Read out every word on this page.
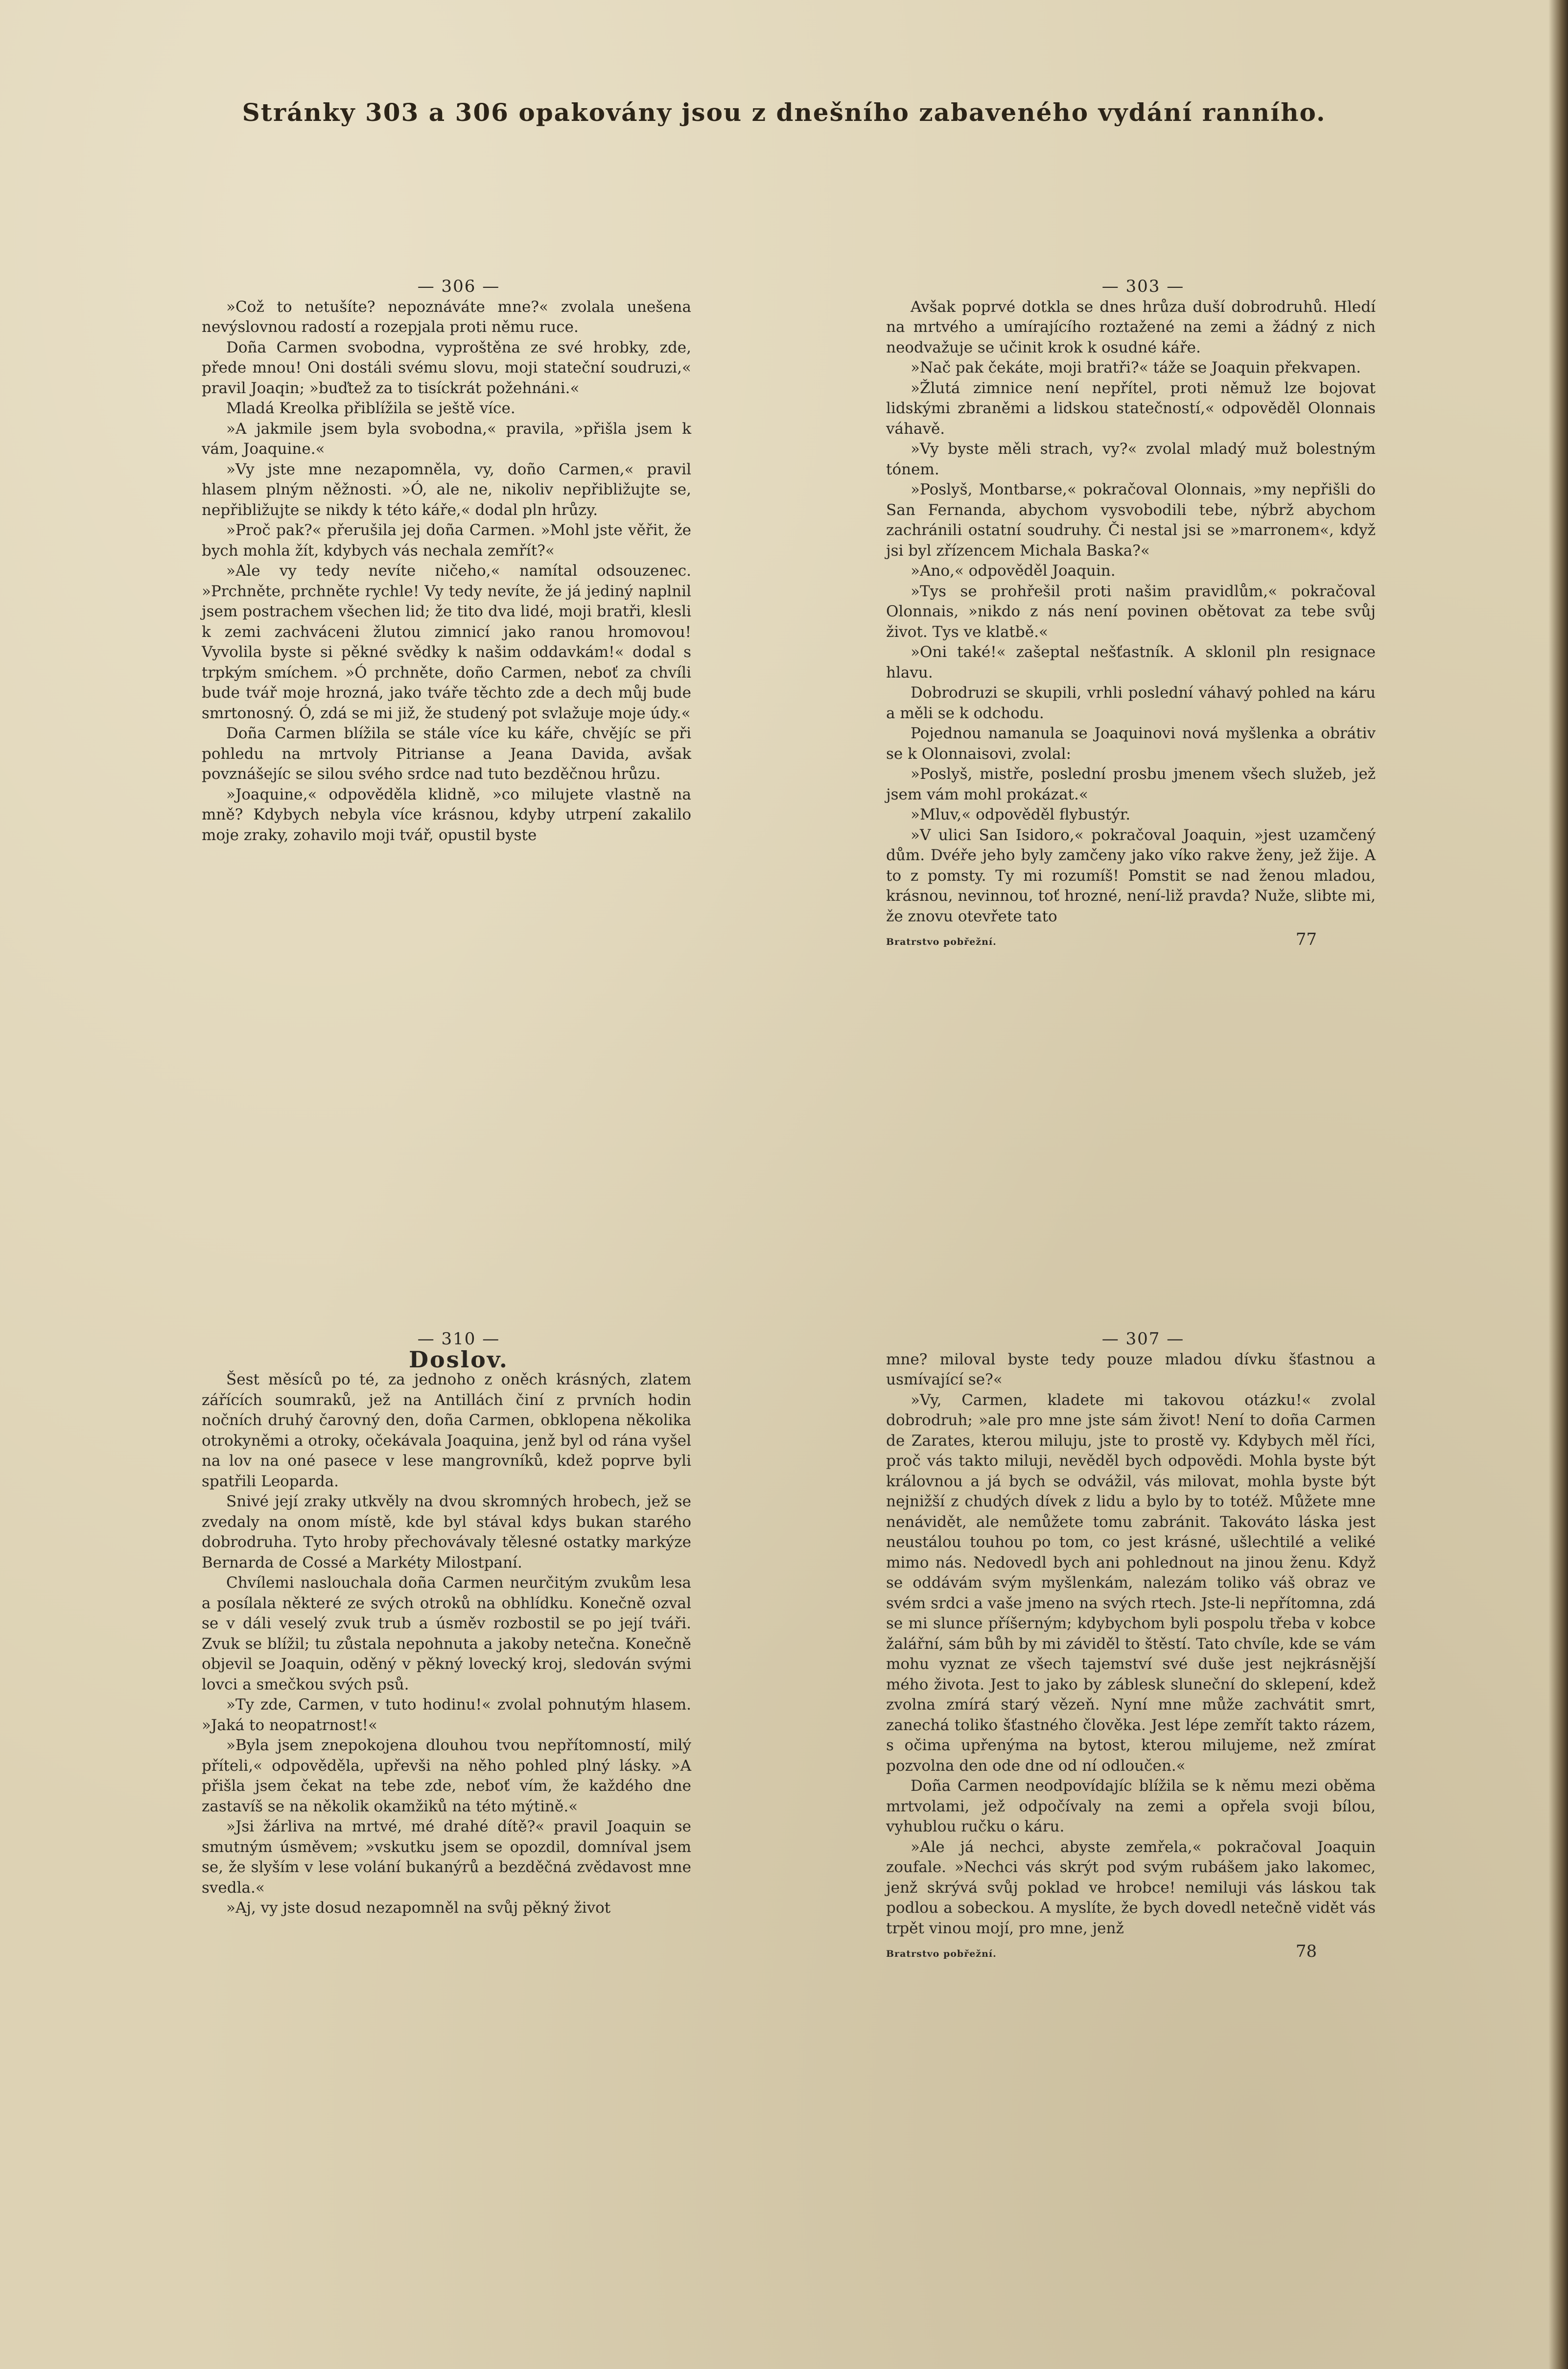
Stránky 303 a 306 opakovány jsou z dnešního zabaveného vydání ranního.

— 306 —

»Což to netušíte? nepoznáváte mne?« zvolala unešena nevýslovnou radostí a rozepjala proti němu ruce.

Doña Carmen svobodna, vyproštěna ze své hrobky, zde, přede mnou! Oni dostáli svému slovu, moji stateční soudruzi,« pravil Joaqin; »buďtež za to tisíckrát požehnáni.«

Mladá Kreolka přiblížila se ještě více.

»A jakmile jsem byla svobodna,« pravila, »přišla jsem k vám, Joaquine.«

»Vy jste mne nezapomněla, vy, doño Carmen,« pravil hlasem plným něžnosti. »Ó, ale ne, nikoliv nepřibližujte se, nepřibližujte se nikdy k této káře,« dodal pln hrůzy.

»Proč pak?« přerušila jej doña Carmen. »Mohl jste věřit, že bych mohla žít, kdybych vás nechala zemřít?«

»Ale vy tedy nevíte ničeho,« namítal odsouzenec. »Prchněte, prchněte rychle! Vy tedy nevíte, že já jediný naplnil jsem postrachem všechen lid; že tito dva lidé, moji bratři, klesli k zemi zachváceni žlutou zimnicí jako ranou hromovou! Vyvolila byste si pěkné svědky k našim oddavkám!« dodal s trpkým smíchem. »Ó prchněte, doño Carmen, neboť za chvíli bude tvář moje hrozná, jako tváře těchto zde a dech můj bude smrtonosný. Ó, zdá se mi již, že studený pot svlažuje moje údy.«

Doña Carmen blížila se stále více ku káře, chvějíc se při pohledu na mrtvoly Pitrianse a Jeana Davida, avšak povznášejíc se silou svého srdce nad tuto bezděčnou hrůzu.

»Joaquine,« odpověděla klidně, »co milujete vlastně na mně? Kdybych nebyla více krásnou, kdyby utrpení zakalilo moje zraky, zohavilo moji tvář, opustil byste

— 303 —

Avšak poprvé dotkla se dnes hrůza duší dobrodruhů. Hledí na mrtvého a umírajícího roztažené na zemi a žádný z nich neodvažuje se učinit krok k osudné káře.

»Nač pak čekáte, moji bratři?« táže se Joaquin překvapen.

»Žlutá zimnice není nepřítel, proti němuž lze bojovat lidskými zbraněmi a lidskou statečností,« odpověděl Olonnais váhavě.

»Vy byste měli strach, vy?« zvolal mladý muž bolestným tónem.

»Poslyš, Montbarse,« pokračoval Olonnais, »my nepřišli do San Fernanda, abychom vysvobodili tebe, nýbrž abychom zachránili ostatní soudruhy. Či nestal jsi se »marronem«, když jsi byl zřízencem Michala Baska?«

»Ano,« odpověděl Joaquin.

»Tys se prohřešil proti našim pravidlům,« pokračoval Olonnais, »nikdo z nás není povinen obětovat za tebe svůj život. Tys ve klatbě.«

»Oni také!« zašeptal nešťastník. A sklonil pln resignace hlavu.

Dobrodruzi se skupili, vrhli poslední váhavý pohled na káru a měli se k odchodu.

Pojednou namanula se Joaquinovi nová myšlenka a obrátiv se k Olonnaisovi, zvolal:

»Poslyš, mistře, poslední prosbu jmenem všech služeb, jež jsem vám mohl prokázat.«

»Mluv,« odpověděl flybustýr.

»V ulici San Isidoro,« pokračoval Joaquin, »jest uzamčený dům. Dvéře jeho byly zamčeny jako víko rakve ženy, jež žije. A to z pomsty. Ty mi rozumíš! Pomstit se nad ženou mladou, krásnou, nevinnou, toť hrozné, není-liž pravda? Nuže, slibte mi, že znovu otevřete tato

Bratrstvo pobřežní.	77

— 310 —

Doslov.

Šest měsíců po té, za jednoho z oněch krásných, zlatem zářících soumraků, jež na Antillách činí z prvních hodin nočních druhý čarovný den, doña Carmen, obklopena několika otrokyněmi a otroky, očekávala Joaquina, jenž byl od rána vyšel na lov na oné pasece v lese mangrovníků, kdež poprve byli spatřili Leoparda.

Snivé její zraky utkvěly na dvou skromných hrobech, jež se zvedaly na onom místě, kde byl stával kdys bukan starého dobrodruha. Tyto hroby přechovávaly tělesné ostatky markýze Bernarda de Cossé a Markéty Milostpaní.

Chvílemi naslouchala doña Carmen neurčitým zvukům lesa a posílala některé ze svých otroků na obhlídku. Konečně ozval se v dáli veselý zvuk trub a úsměv rozbostil se po její tváři. Zvuk se blížil; tu zůstala nepohnuta a jakoby netečna. Konečně objevil se Joaquin, oděný v pěkný lovecký kroj, sledován svými lovci a smečkou svých psů.

»Ty zde, Carmen, v tuto hodinu!« zvolal pohnutým hlasem. »Jaká to neopatrnost!«

»Byla jsem znepokojena dlouhou tvou nepřítomností, milý příteli,« odpověděla, upřevši na něho pohled plný lásky. »A přišla jsem čekat na tebe zde, neboť vím, že každého dne zastavíš se na několik okamžiků na této mýtině.«

»Jsi žárliva na mrtvé, mé drahé dítě?« pravil Joaquin se smutným úsměvem; »vskutku jsem se opozdil, domníval jsem se, že slyším v lese volání bukanýrů a bezděčná zvědavost mne svedla.«

»Aj, vy jste dosud nezapomněl na svůj pěkný život

— 307 —

mne? miloval byste tedy pouze mladou dívku šťastnou a usmívající se?«

»Vy, Carmen, kladete mi takovou otázku!« zvolal dobrodruh; »ale pro mne jste sám život! Není to doña Carmen de Zarates, kterou miluju, jste to prostě vy. Kdybych měl říci, proč vás takto miluji, nevěděl bych odpovědi. Mohla byste být královnou a já bych se odvážil, vás milovat, mohla byste být nejnižší z chudých dívek z lidu a bylo by to totéž. Můžete mne nenávidět, ale nemůžete tomu zabránit. Takováto láska jest neustálou touhou po tom, co jest krásné, ušlechtilé a veliké mimo nás. Nedovedl bych ani pohlednout na jinou ženu. Když se oddávám svým myšlenkám, nalezám toliko váš obraz ve svém srdci a vaše jmeno na svých rtech. Jste-li nepřítomna, zdá se mi slunce příšerným; kdybychom byli pospolu třeba v kobce žalářní, sám bůh by mi záviděl to štěstí. Tato chvíle, kde se vám mohu vyznat ze všech tajemství své duše jest nejkrásnější mého života. Jest to jako by záblesk sluneční do sklepení, kdež zvolna zmírá starý vězeň. Nyní mne může zachvátit smrt, zanechá toliko šťastného člověka. Jest lépe zemřít takto rázem, s očima upřenýma na bytost, kterou milujeme, než zmírat pozvolna den ode dne od ní odloučen.«

Doña Carmen neodpovídajíc blížila se k němu mezi oběma mrtvolami, jež odpočívaly na zemi a opřela svoji bílou, vyhublou ručku o káru.

»Ale já nechci, abyste zemřela,« pokračoval Joaquin zoufale. »Nechci vás skrýt pod svým rubášem jako lakomec, jenž skrývá svůj poklad ve hrobce! nemiluji vás láskou tak podlou a sobeckou. A myslíte, že bych dovedl netečně vidět vás trpět vinou mojí, pro mne, jenž

Bratrstvo pobřežní.	78
